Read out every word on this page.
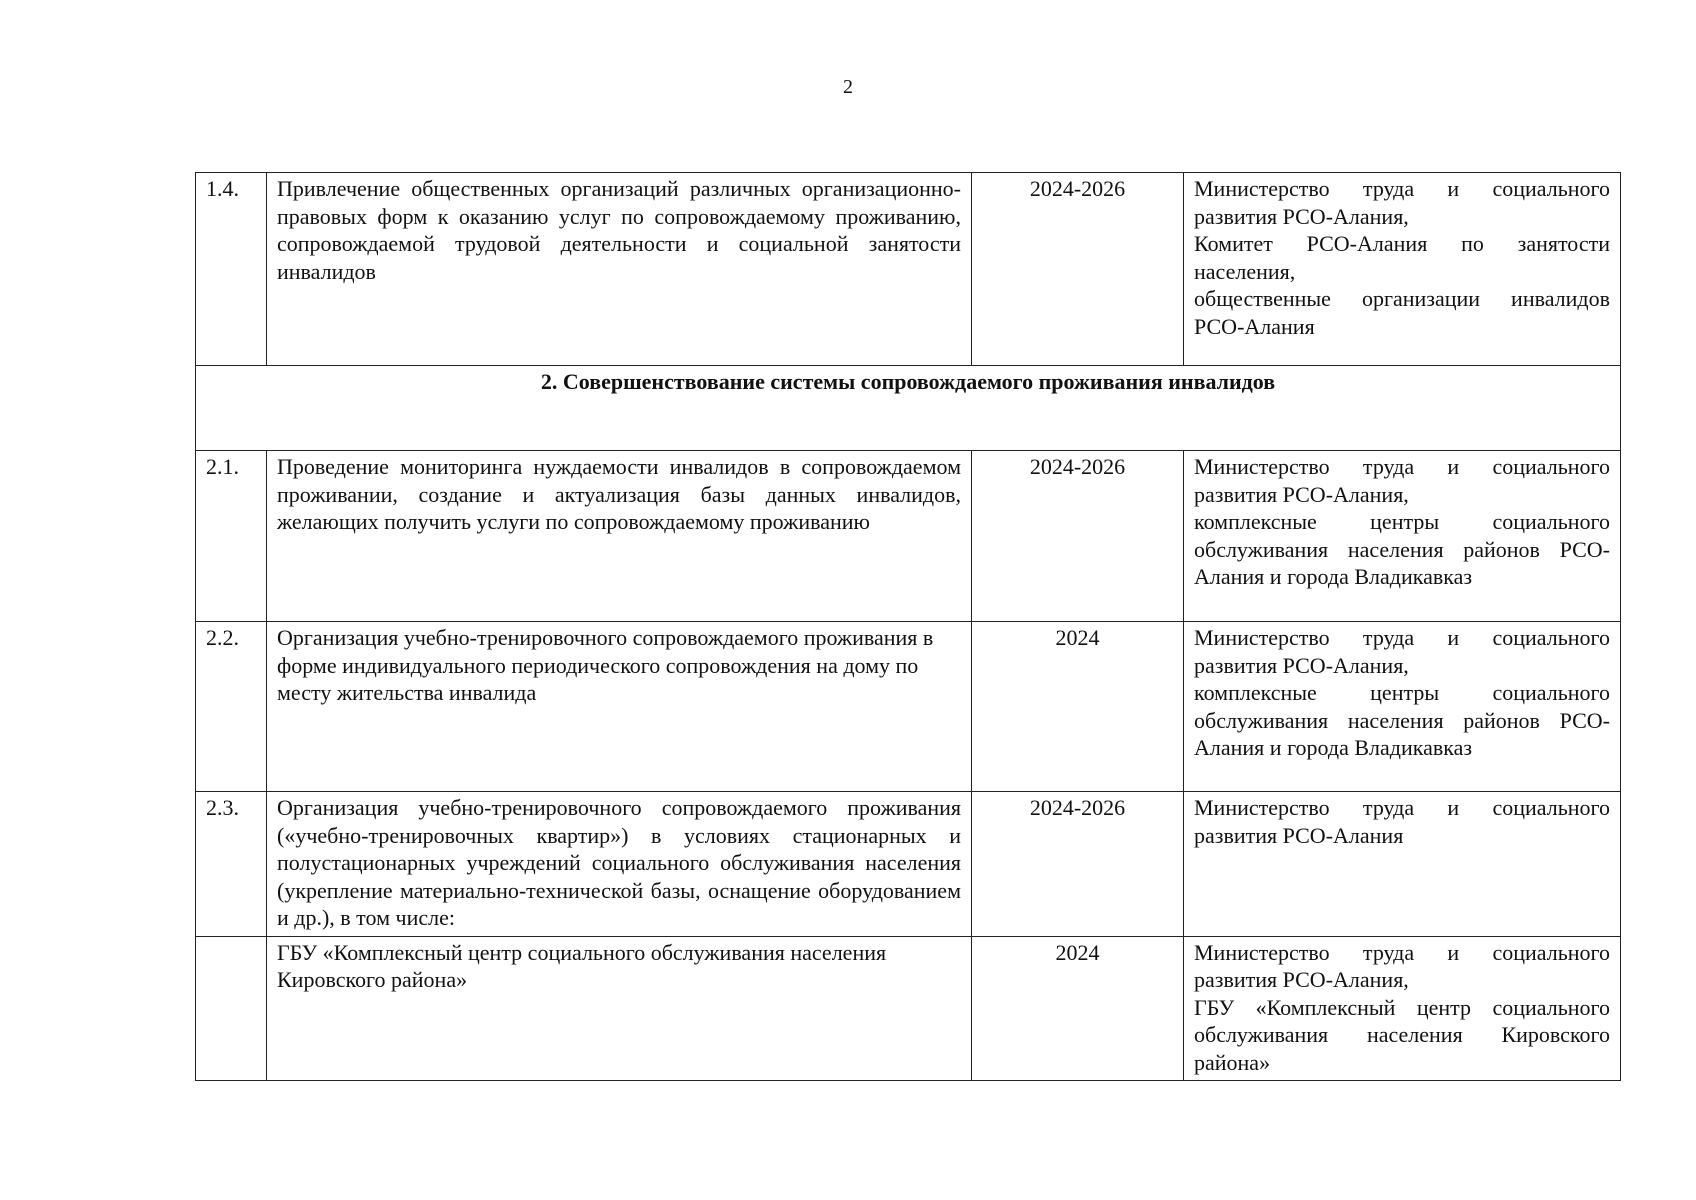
2
1.4.	Привлечение общественных организаций различных организационно-правовых форм к оказанию услуг по сопровождаемому проживанию, сопровождаемой трудовой деятельности и социальной занятости инвалидов	2024-2026	Министерство труда и социального развития РСО-Алания,
Комитет РСО-Алания по занятости населения,
общественные организации инвалидов РСО-Алания

2. Совершенствование системы сопровождаемого проживания инвалидов			
2.1.	Проведение мониторинга нуждаемости инвалидов в сопровождаемом проживании, создание и актуализация базы данных инвалидов, желающих получить услуги по сопровождаемому проживанию	2024-2026	Министерство труда и социального развития РСО-Алания,
комплексные центры социального обслуживания населения районов РСО-Алания и города Владикавказ

2.2.	Организация учебно-тренировочного сопровождаемого проживания в форме индивидуального периодического сопровождения на дому по месту жительства инвалида	2024	Министерство труда и социального развития РСО-Алания,
комплексные центры социального обслуживания населения районов РСО-Алания и города Владикавказ

2.3.	Организация учебно-тренировочного сопровождаемого проживания («учебно-тренировочных квартир») в условиях стационарных и полустационарных учреждений социального обслуживания населения (укрепление материально-технической базы, оснащение оборудованием и др.), в том числе:	2024-2026	Министерство труда и социального развития РСО-Алания

	ГБУ «Комплексный центр социального обслуживания населения Кировского района»	2024	Министерство труда и социального развития РСО-Алания,
ГБУ «Комплексный центр социального обслуживания населения Кировского района»
